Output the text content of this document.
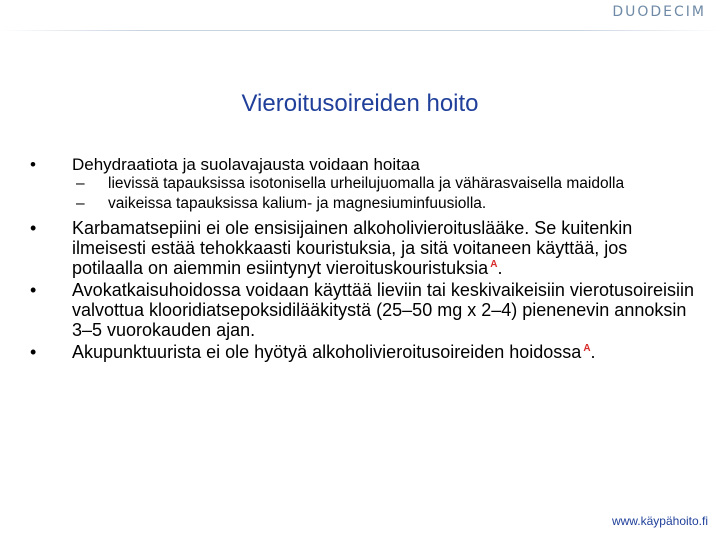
DUODECIM
Vieroitusoireiden hoito
•	Dehydraatiota ja suolavajausta voidaan hoitaa
–	lievissä tapauksissa isotonisella urheilujuomalla ja vähärasvaisella maidolla
–	vaikeissa tapauksissa kalium- ja magnesiuminfuusiolla.
•	Karbamatsepiini ei ole ensisijainen alkoholivieroituslääke. Se kuitenkin ilmeisesti estää tehokkaasti kouristuksia, ja sitä voitaneen käyttää, jos potilaalla on aiemmin esiintynyt vieroituskouristuksia $^A$.
•	Avokatkaisuhoidossa voidaan käyttää lieviin tai keskivaikeisiin vierotusoireisiin valvottua klooridiatsepoksidilääkitystä (25–50 mg x 2–4) pienenevin annoksin 3–5 vuorokauden ajan.
•	Akupunktuurista ei ole hyötyä alkoholivieroitusoireiden hoidossa $^A$.
www.käypähoito.fi
